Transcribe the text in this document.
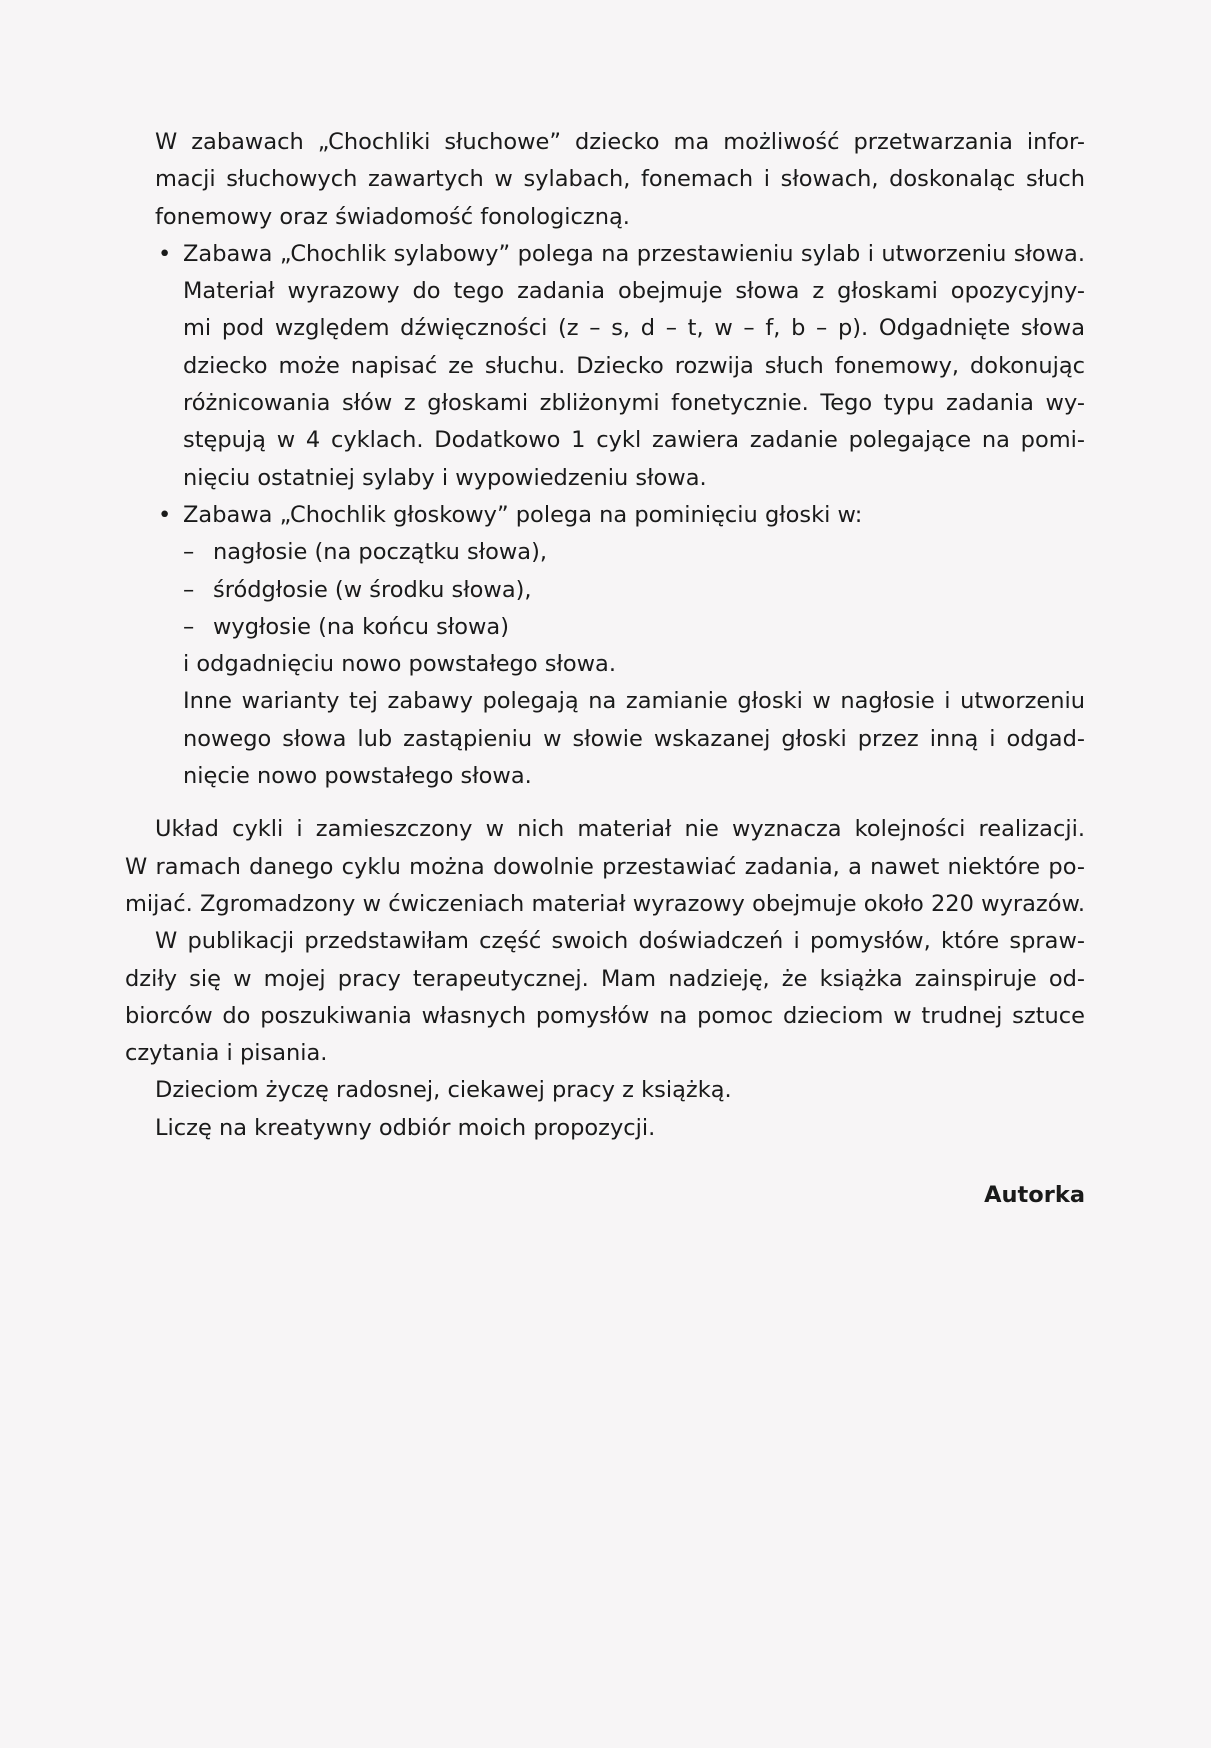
W zabawach „Chochliki słuchowe” dziecko ma możliwość przetwarzania infor-
macji słuchowych zawartych w sylabach, fonemach i słowach, doskonaląc słuch
fonemowy oraz świadomość fonologiczną.
• Zabawa „Chochlik sylabowy” polega na przestawieniu sylab i utworzeniu słowa.
Materiał wyrazowy do tego zadania obejmuje słowa z głoskami opozycyjny-
mi pod względem dźwięczności (z – s, d – t, w – f, b – p). Odgadnięte słowa
dziecko może napisać ze słuchu. Dziecko rozwija słuch fonemowy, dokonując
różnicowania słów z głoskami zbliżonymi fonetycznie. Tego typu zadania wy-
stępują w 4 cyklach. Dodatkowo 1 cykl zawiera zadanie polegające na pomi-
nięciu ostatniej sylaby i wypowiedzeniu słowa.
• Zabawa „Chochlik głoskowy” polega na pominięciu głoski w:
– nagłosie (na początku słowa),
– śródgłosie (w środku słowa),
– wygłosie (na końcu słowa)
i odgadnięciu nowo powstałego słowa.
Inne warianty tej zabawy polegają na zamianie głoski w nagłosie i utworzeniu
nowego słowa lub zastąpieniu w słowie wskazanej głoski przez inną i odgad-
nięcie nowo powstałego słowa.
Układ cykli i zamieszczony w nich materiał nie wyznacza kolejności realizacji.
W ramach danego cyklu można dowolnie przestawiać zadania, a nawet niektóre po-
mijać. Zgromadzony w ćwiczeniach materiał wyrazowy obejmuje około 220 wyrazów.
W publikacji przedstawiłam część swoich doświadczeń i pomysłów, które spraw-
dziły się w mojej pracy terapeutycznej. Mam nadzieję, że książka zainspiruje od-
biorców do poszukiwania własnych pomysłów na pomoc dzieciom w trudnej sztuce
czytania i pisania.
Dzieciom życzę radosnej, ciekawej pracy z książką.
Liczę na kreatywny odbiór moich propozycji.
Autorka
